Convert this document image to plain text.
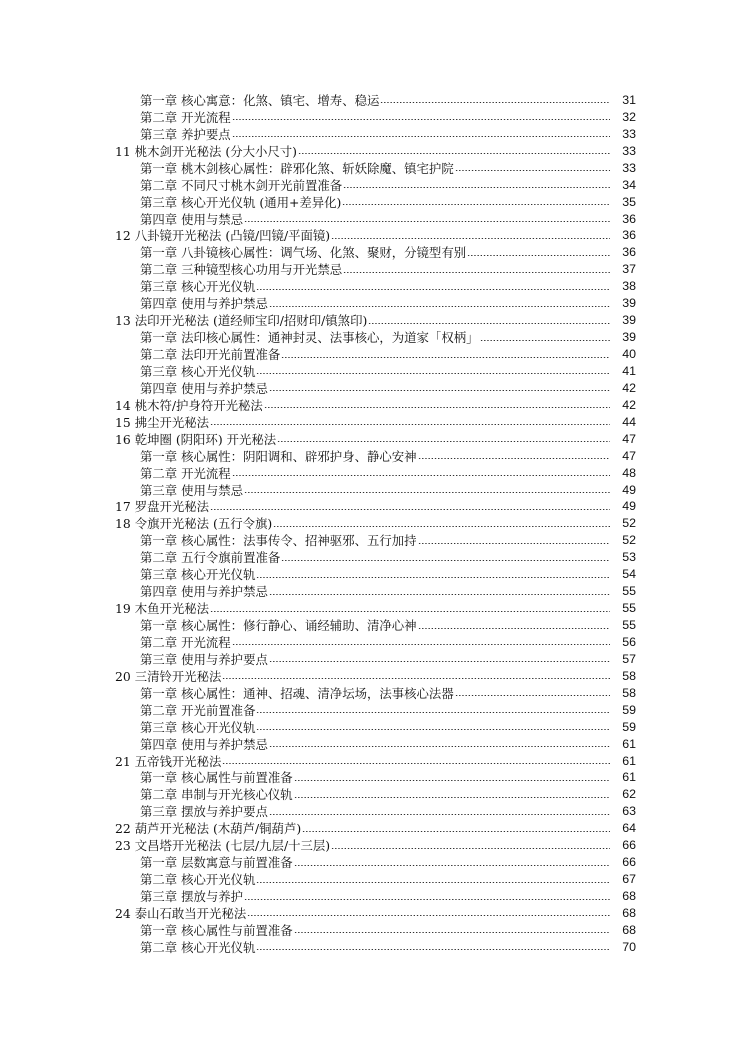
第一章 核心寓意：化煞、镇宅、增寿、稳运	31
第二章 开光流程	32
第三章 养护要点	33
11 桃木剑开光秘法 (分大小尺寸)	33
第一章 桃木剑核心属性：辟邪化煞、斩妖除魔、镇宅护院	33
第二章 不同尺寸桃木剑开光前置准备	34
第三章 核心开光仪轨 (通用+差异化)	35
第四章 使用与禁忌	36
12 八卦镜开光秘法 (凸镜/凹镜/平面镜)	36
第一章 八卦镜核心属性：调气场、化煞、聚财，分镜型有别	36
第二章 三种镜型核心功用与开光禁忌	37
第三章 核心开光仪轨	38
第四章 使用与养护禁忌	39
13 法印开光秘法 (道经师宝印/招财印/镇煞印)	39
第一章 法印核心属性：通神封灵、法事核心，为道家「权柄」	39
第二章 法印开光前置准备	40
第三章 核心开光仪轨	41
第四章 使用与养护禁忌	42
14 桃木符/护身符开光秘法	42
15 拂尘开光秘法	44
16 乾坤圈 (阴阳环) 开光秘法	47
第一章 核心属性：阴阳调和、辟邪护身、静心安神	47
第二章 开光流程	48
第三章 使用与禁忌	49
17 罗盘开光秘法	49
18 令旗开光秘法 (五行令旗)	52
第一章 核心属性：法事传令、招神驱邪、五行加持	52
第二章 五行令旗前置准备	53
第三章 核心开光仪轨	54
第四章 使用与养护禁忌	55
19 木鱼开光秘法	55
第一章 核心属性：修行静心、诵经辅助、清净心神	55
第二章 开光流程	56
第三章 使用与养护要点	57
20 三清铃开光秘法	58
第一章 核心属性：通神、招魂、清净坛场，法事核心法器	58
第二章 开光前置准备	59
第三章 核心开光仪轨	59
第四章 使用与养护禁忌	61
21 五帝钱开光秘法	61
第一章 核心属性与前置准备	61
第二章 串制与开光核心仪轨	62
第三章 摆放与养护要点	63
22 葫芦开光秘法 (木葫芦/铜葫芦)	64
23 文昌塔开光秘法 (七层/九层/十三层)	66
第一章 层数寓意与前置准备	66
第二章 核心开光仪轨	67
第三章 摆放与养护	68
24 泰山石敢当开光秘法	68
第一章 核心属性与前置准备	68
第二章 核心开光仪轨	70
